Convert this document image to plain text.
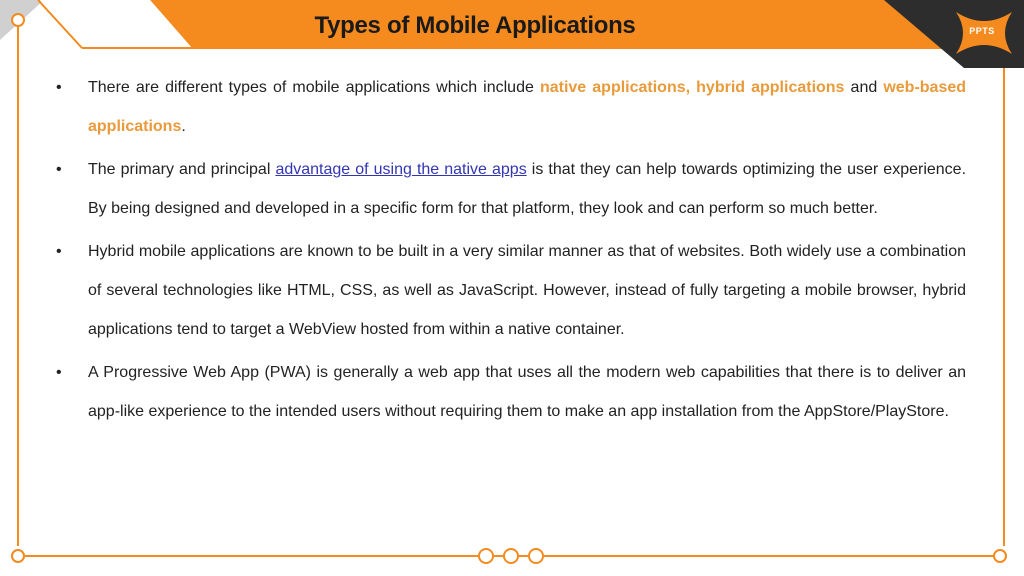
PPTS
Types of Mobile Applications
• There are different types of mobile applications which include native applications, hybrid applications and web-based applications.

• The primary and principal advantage of using the native apps is that they can help towards optimizing the user experience. By being designed and developed in a specific form for that platform, they look and can perform so much better.

• Hybrid mobile applications are known to be built in a very similar manner as that of websites. Both widely use a combination of several technologies like HTML, CSS, as well as JavaScript. However, instead of fully targeting a mobile browser, hybrid applications tend to target a WebView hosted from within a native container.

• A Progressive Web App (PWA) is generally a web app that uses all the modern web capabilities that there is to deliver an app-like experience to the intended users without requiring them to make an app installation from the AppStore/PlayStore.
